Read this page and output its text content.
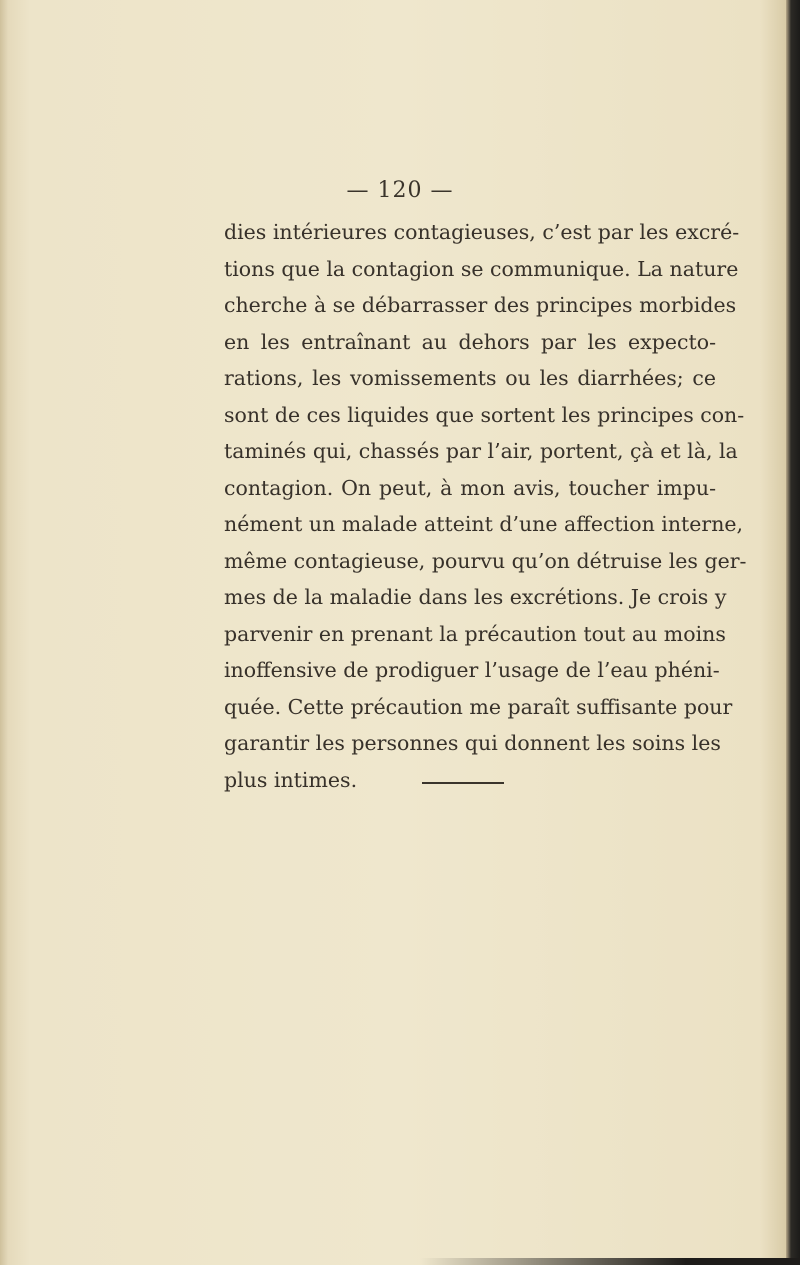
— 120 —

dies intérieures contagieuses, c’est par les excré-
tions que la contagion se communique. La nature
cherche à se débarrasser des principes morbides
en les entraînant au dehors par les expecto-
rations, les vomissements ou les diarrhées; ce
sont de ces liquides que sortent les principes con-
taminés qui, chassés par l’air, portent, çà et là, la
contagion. On peut, à mon avis, toucher impu-
nément un malade atteint d’une affection interne,
même contagieuse, pourvu qu’on détruise les ger-
mes de la maladie dans les excrétions. Je crois y
parvenir en prenant la précaution tout au moins
inoffensive de prodiguer l’usage de l’eau phéni-
quée. Cette précaution me paraît suffisante pour
garantir les personnes qui donnent les soins les
plus intimes.
